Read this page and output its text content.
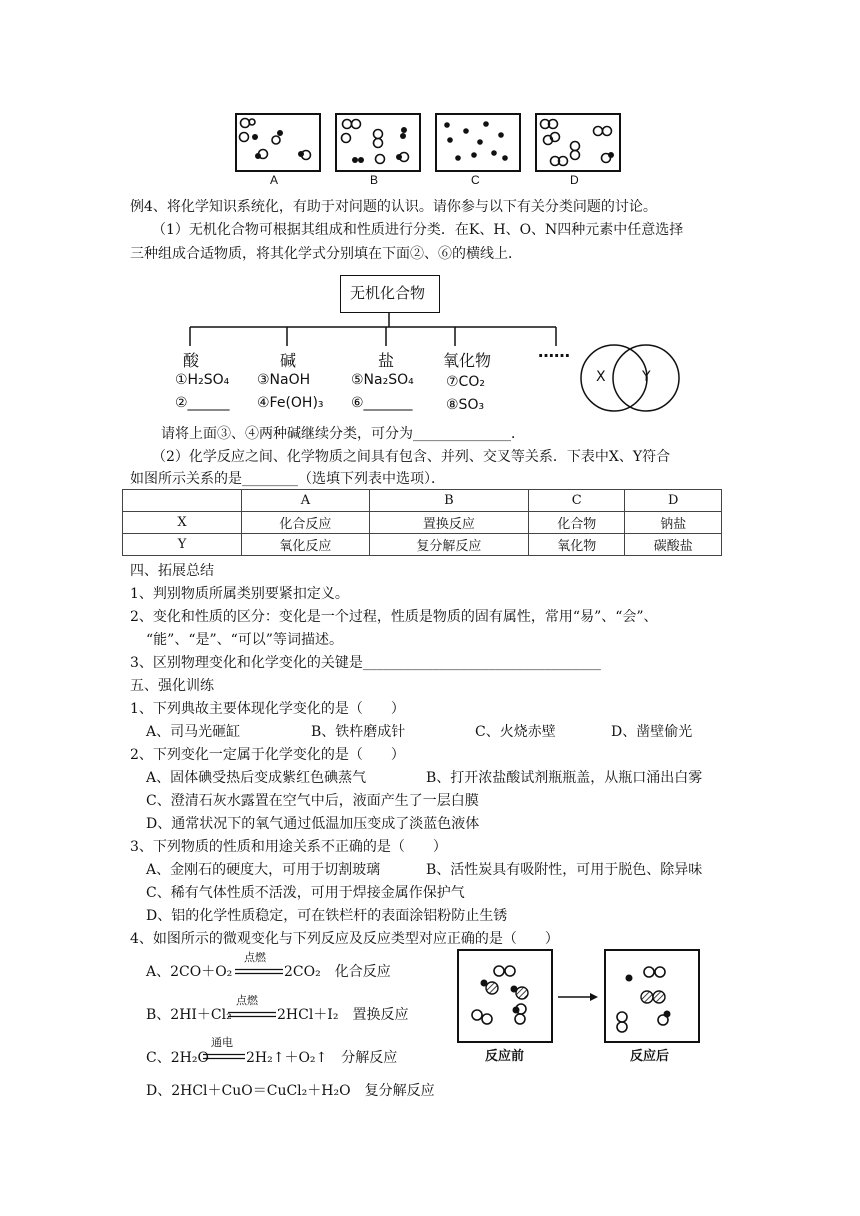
A	B	C	D
例4、将化学知识系统化，有助于对问题的认识。请你参与以下有关分类问题的讨论。
（1）无机化合物可根据其组成和性质进行分类．在K、H、O、N四种元素中任意选择
三种组成合适物质，将其化学式分别填在下面②、⑥的横线上．
无机化合物
酸	碱	盐	氧化物	……
①H₂SO₄
②______
③NaOH
④Fe(OH)₃
⑤Na₂SO₄
⑥_______
⑦CO₂
⑧SO₃
X	Y
请将上面③、④两种碱继续分类，可分为______________．
（2）化学反应之间、化学物质之间具有包含、并列、交叉等关系．下表中X、Y符合
如图所示关系的是________（选填下列表中选项）．
	A	B	C	D
X	化合反应	置换反应	化合物	钠盐
Y	氧化反应	复分解反应	氧化物	碳酸盐
四、拓展总结
1、判别物质所属类别要紧扣定义。
2、变化和性质的区分：变化是一个过程，性质是物质的固有属性，常用“易”、“会”、
“能”、“是”、“可以”等词描述。
3、区别物理变化和化学变化的关键是__________________________________
五、强化训练
1、下列典故主要体现化学变化的是（　　）
A、司马光砸缸	B、铁杵磨成针	C、火烧赤壁	D、凿壁偷光
2、下列变化一定属于化学变化的是（　　）
A、固体碘受热后变成紫红色碘蒸气	B、打开浓盐酸试剂瓶瓶盖，从瓶口涌出白雾
C、澄清石灰水露置在空气中后，液面产生了一层白膜
D、通常状况下的氧气通过低温加压变成了淡蓝色液体
3、下列物质的性质和用途关系不正确的是（　　）
A、金刚石的硬度大，可用于切割玻璃	B、活性炭具有吸附性，可用于脱色、除异味
C、稀有气体性质不活泼，可用于焊接金属作保护气
D、铝的化学性质稳定，可在铁栏杆的表面涂铝粉防止生锈
4、如图所示的微观变化与下列反应及反应类型对应正确的是（　　）
A、2CO＋O₂
点燃
2CO₂　化合反应
B、2HI＋Cl₂
点燃
2HCl＋I₂　置换反应
C、2H₂O
通电
2H₂↑＋O₂↑　分解反应
D、2HCl＋CuO＝CuCl₂＋H₂O　复分解反应
反应前	反应后
